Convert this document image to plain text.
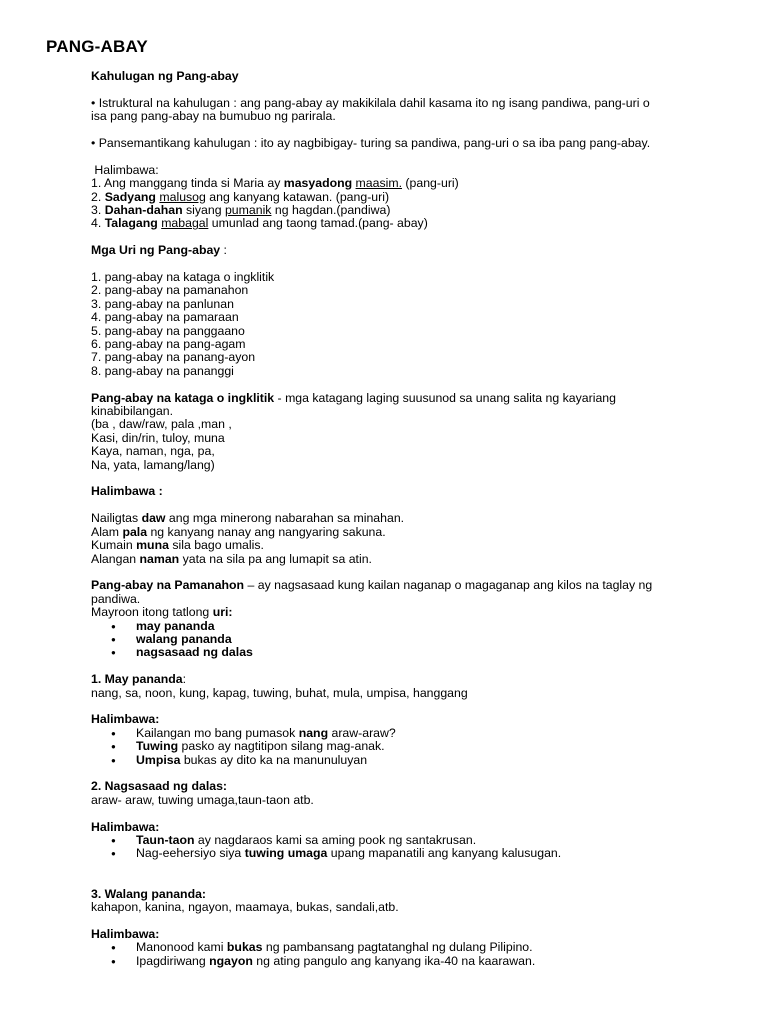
PANG-ABAY

Kahulugan ng Pang-abay

• Istruktural na kahulugan : ang pang-abay ay makikilala dahil kasama ito ng isang pandiwa, pang-uri o

isa pang pang-abay na bumubuo ng parirala.

• Pansemantikang kahulugan : ito ay nagbibigay- turing sa pandiwa, pang-uri o sa iba pang pang-abay.

Halimbawa:

1. Ang manggang tinda si Maria ay masyadong maasim. (pang-uri)

2. Sadyang malusog ang kanyang katawan. (pang-uri)

3. Dahan-dahan siyang pumanik ng hagdan.(pandiwa)

4. Talagang mabagal umunlad ang taong tamad.(pang- abay)

Mga Uri ng Pang-abay :

1. pang-abay na kataga o ingklitik

2. pang-abay na pamanahon

3. pang-abay na panlunan

4. pang-abay na pamaraan

5. pang-abay na panggaano

6. pang-abay na pang-agam

7. pang-abay na panang-ayon

8. pang-abay na pananggi

Pang-abay na kataga o ingklitik - mga katagang laging suusunod sa unang salita ng kayariang

kinabibilangan.

(ba , daw/raw, pala ,man ,

Kasi, din/rin, tuloy, muna

Kaya, naman, nga, pa,

Na, yata, lamang/lang)

Halimbawa :

Nailigtas daw ang mga minerong nabarahan sa minahan.

Alam pala ng kanyang nanay ang nangyaring sakuna.

Kumain muna sila bago umalis.

Alangan naman yata na sila pa ang lumapit sa atin.

Pang-abay na Pamanahon – ay nagsasaad kung kailan naganap o magaganap ang kilos na taglay ng

pandiwa.

Mayroon itong tatlong uri:

● may pananda
● walang pananda
● nagsasaad ng dalas

1. May pananda:

nang, sa, noon, kung, kapag, tuwing, buhat, mula, umpisa, hanggang

Halimbawa:

● Kailangan mo bang pumasok nang araw-araw?
● Tuwing pasko ay nagtitipon silang mag-anak.
● Umpisa bukas ay dito ka na manunuluyan

2. Nagsasaad ng dalas:

araw- araw, tuwing umaga,taun-taon atb.

Halimbawa:

● Taun-taon ay nagdaraos kami sa aming pook ng santakrusan.
● Nag-eehersiyo siya tuwing umaga upang mapanatili ang kanyang kalusugan.

3. Walang pananda:

kahapon, kanina, ngayon, maamaya, bukas, sandali,atb.

Halimbawa:

● Manonood kami bukas ng pambansang pagtatanghal ng dulang Pilipino.
● Ipagdiriwang ngayon ng ating pangulo ang kanyang ika-40 na kaarawan.
